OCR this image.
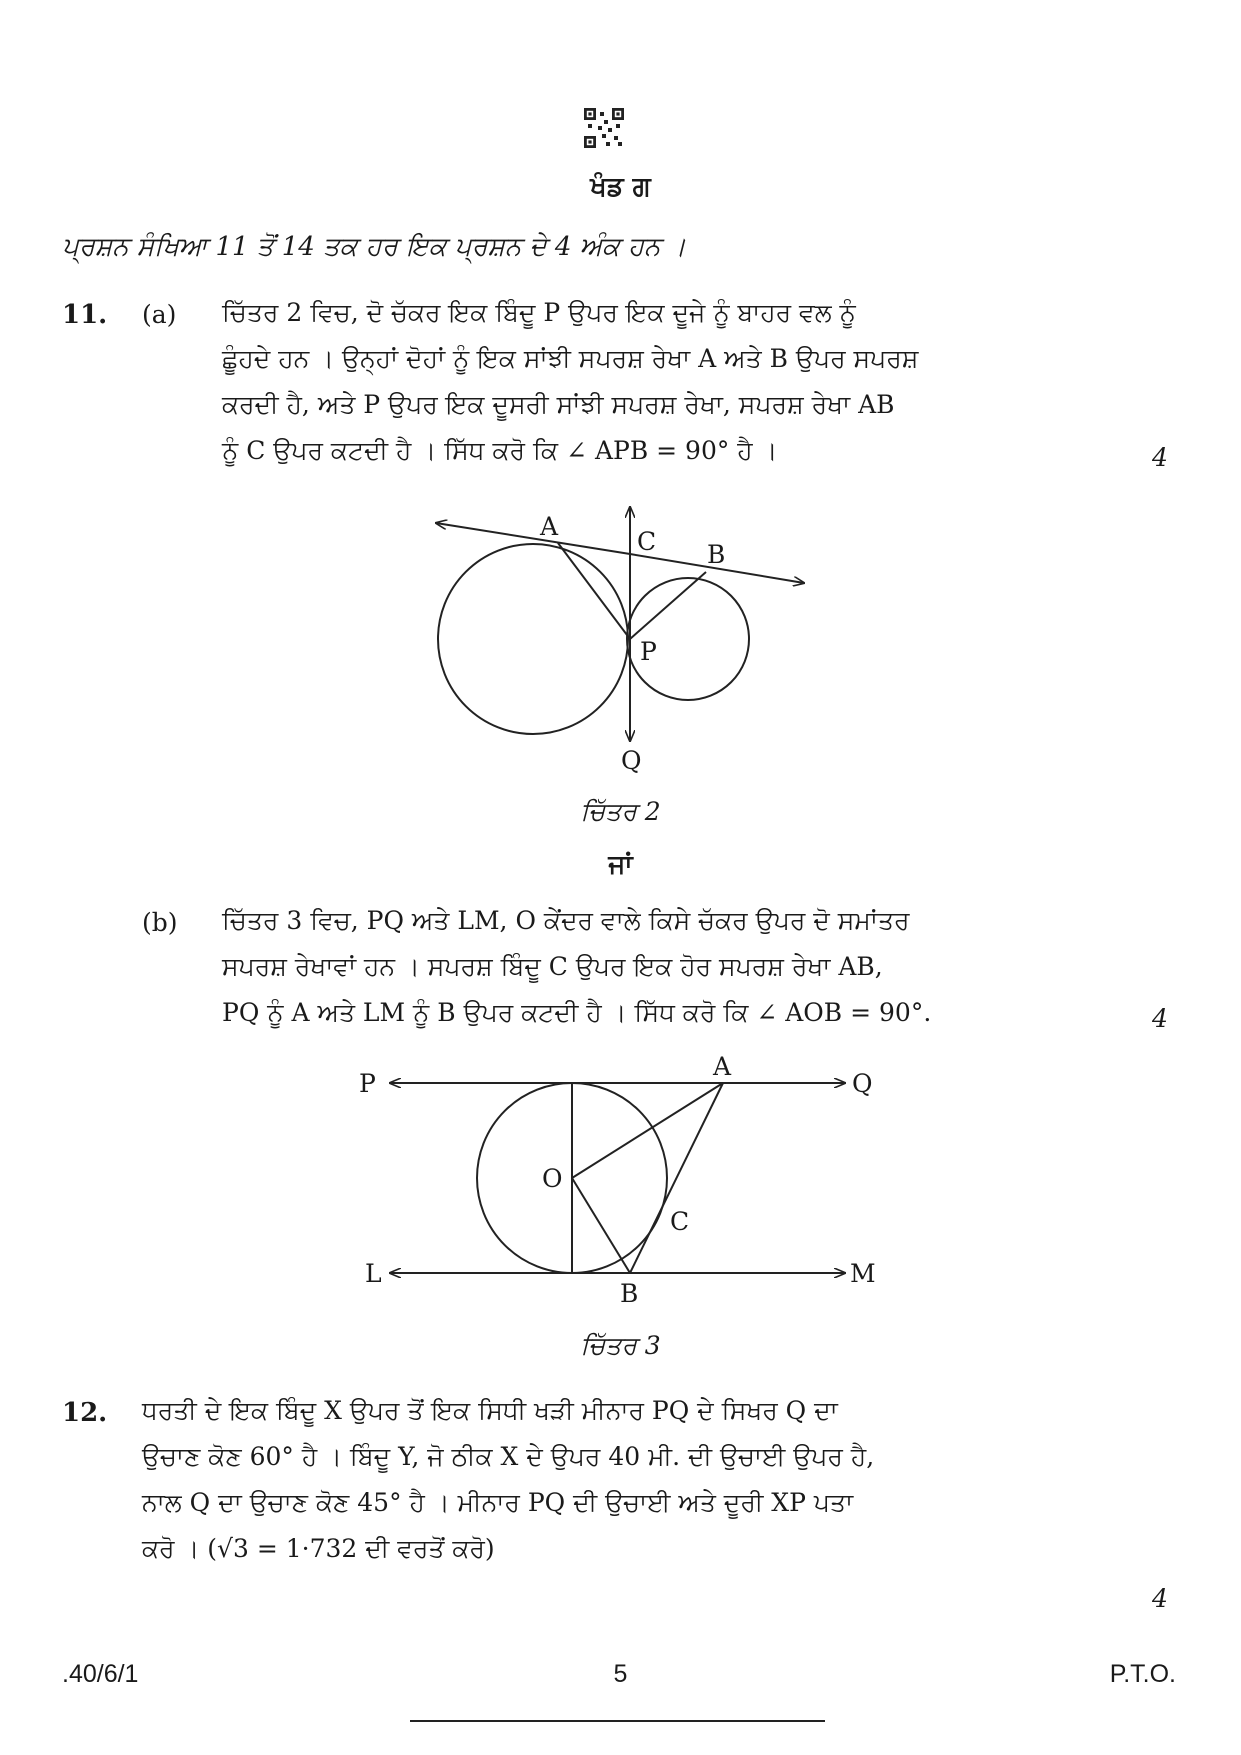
ਖੰਡ ਗ
ਪ੍ਰਸ਼ਨ ਸੰਖਿਆ 11 ਤੋਂ 14 ਤਕ ਹਰ ਇਕ ਪ੍ਰਸ਼ਨ ਦੇ 4 ਅੰਕ ਹਨ ।
11. (a) ਚਿੱਤਰ 2 ਵਿਚ, ਦੋ ਚੱਕਰ ਇਕ ਬਿੰਦੂ P ਉਪਰ ਇਕ ਦੂਜੇ ਨੂੰ ਬਾਹਰ ਵਲ ਨੂੰ
ਛੂੰਹਦੇ ਹਨ । ਉਨ੍ਹਾਂ ਦੋਹਾਂ ਨੂੰ ਇਕ ਸਾਂਝੀ ਸਪਰਸ਼ ਰੇਖਾ A ਅਤੇ B ਉਪਰ ਸਪਰਸ਼
ਕਰਦੀ ਹੈ, ਅਤੇ P ਉਪਰ ਇਕ ਦੂਸਰੀ ਸਾਂਝੀ ਸਪਰਸ਼ ਰੇਖਾ, ਸਪਰਸ਼ ਰੇਖਾ AB
ਨੂੰ C ਉਪਰ ਕਟਦੀ ਹੈ । ਸਿੱਧ ਕਰੋ ਕਿ ∠ APB = 90° ਹੈ ।	4
A
C B
P
Q
ਚਿੱਤਰ 2
ਜਾਂ
(b) ਚਿੱਤਰ 3 ਵਿਚ, PQ ਅਤੇ LM, O ਕੇਂਦਰ ਵਾਲੇ ਕਿਸੇ ਚੱਕਰ ਉਪਰ ਦੋ ਸਮਾਂਤਰ
ਸਪਰਸ਼ ਰੇਖਾਵਾਂ ਹਨ । ਸਪਰਸ਼ ਬਿੰਦੂ C ਉਪਰ ਇਕ ਹੋਰ ਸਪਰਸ਼ ਰੇਖਾ AB,
PQ ਨੂੰ A ਅਤੇ LM ਨੂੰ B ਉਪਰ ਕਟਦੀ ਹੈ । ਸਿੱਧ ਕਰੋ ਕਿ ∠ AOB = 90°.	4
P
A
Q
O
C
L	M
B
ਚਿੱਤਰ 3
12. ਧਰਤੀ ਦੇ ਇਕ ਬਿੰਦੂ X ਉਪਰ ਤੋਂ ਇਕ ਸਿਧੀ ਖੜੀ ਮੀਨਾਰ PQ ਦੇ ਸਿਖਰ Q ਦਾ
ਉਚਾਣ ਕੋਣ 60° ਹੈ । ਬਿੰਦੂ Y, ਜੋ ਠੀਕ X ਦੇ ਉਪਰ 40 ਮੀ. ਦੀ ਉਚਾਈ ਉਪਰ ਹੈ,
ਨਾਲ Q ਦਾ ਉਚਾਣ ਕੋਣ 45° ਹੈ । ਮੀਨਾਰ PQ ਦੀ ਉਚਾਈ ਅਤੇ ਦੂਰੀ XP ਪਤਾ
ਕਰੋ । (√3 = 1·732 ਦੀ ਵਰਤੋਂ ਕਰੋ)
4
.40/6/1	5	P.T.O.
